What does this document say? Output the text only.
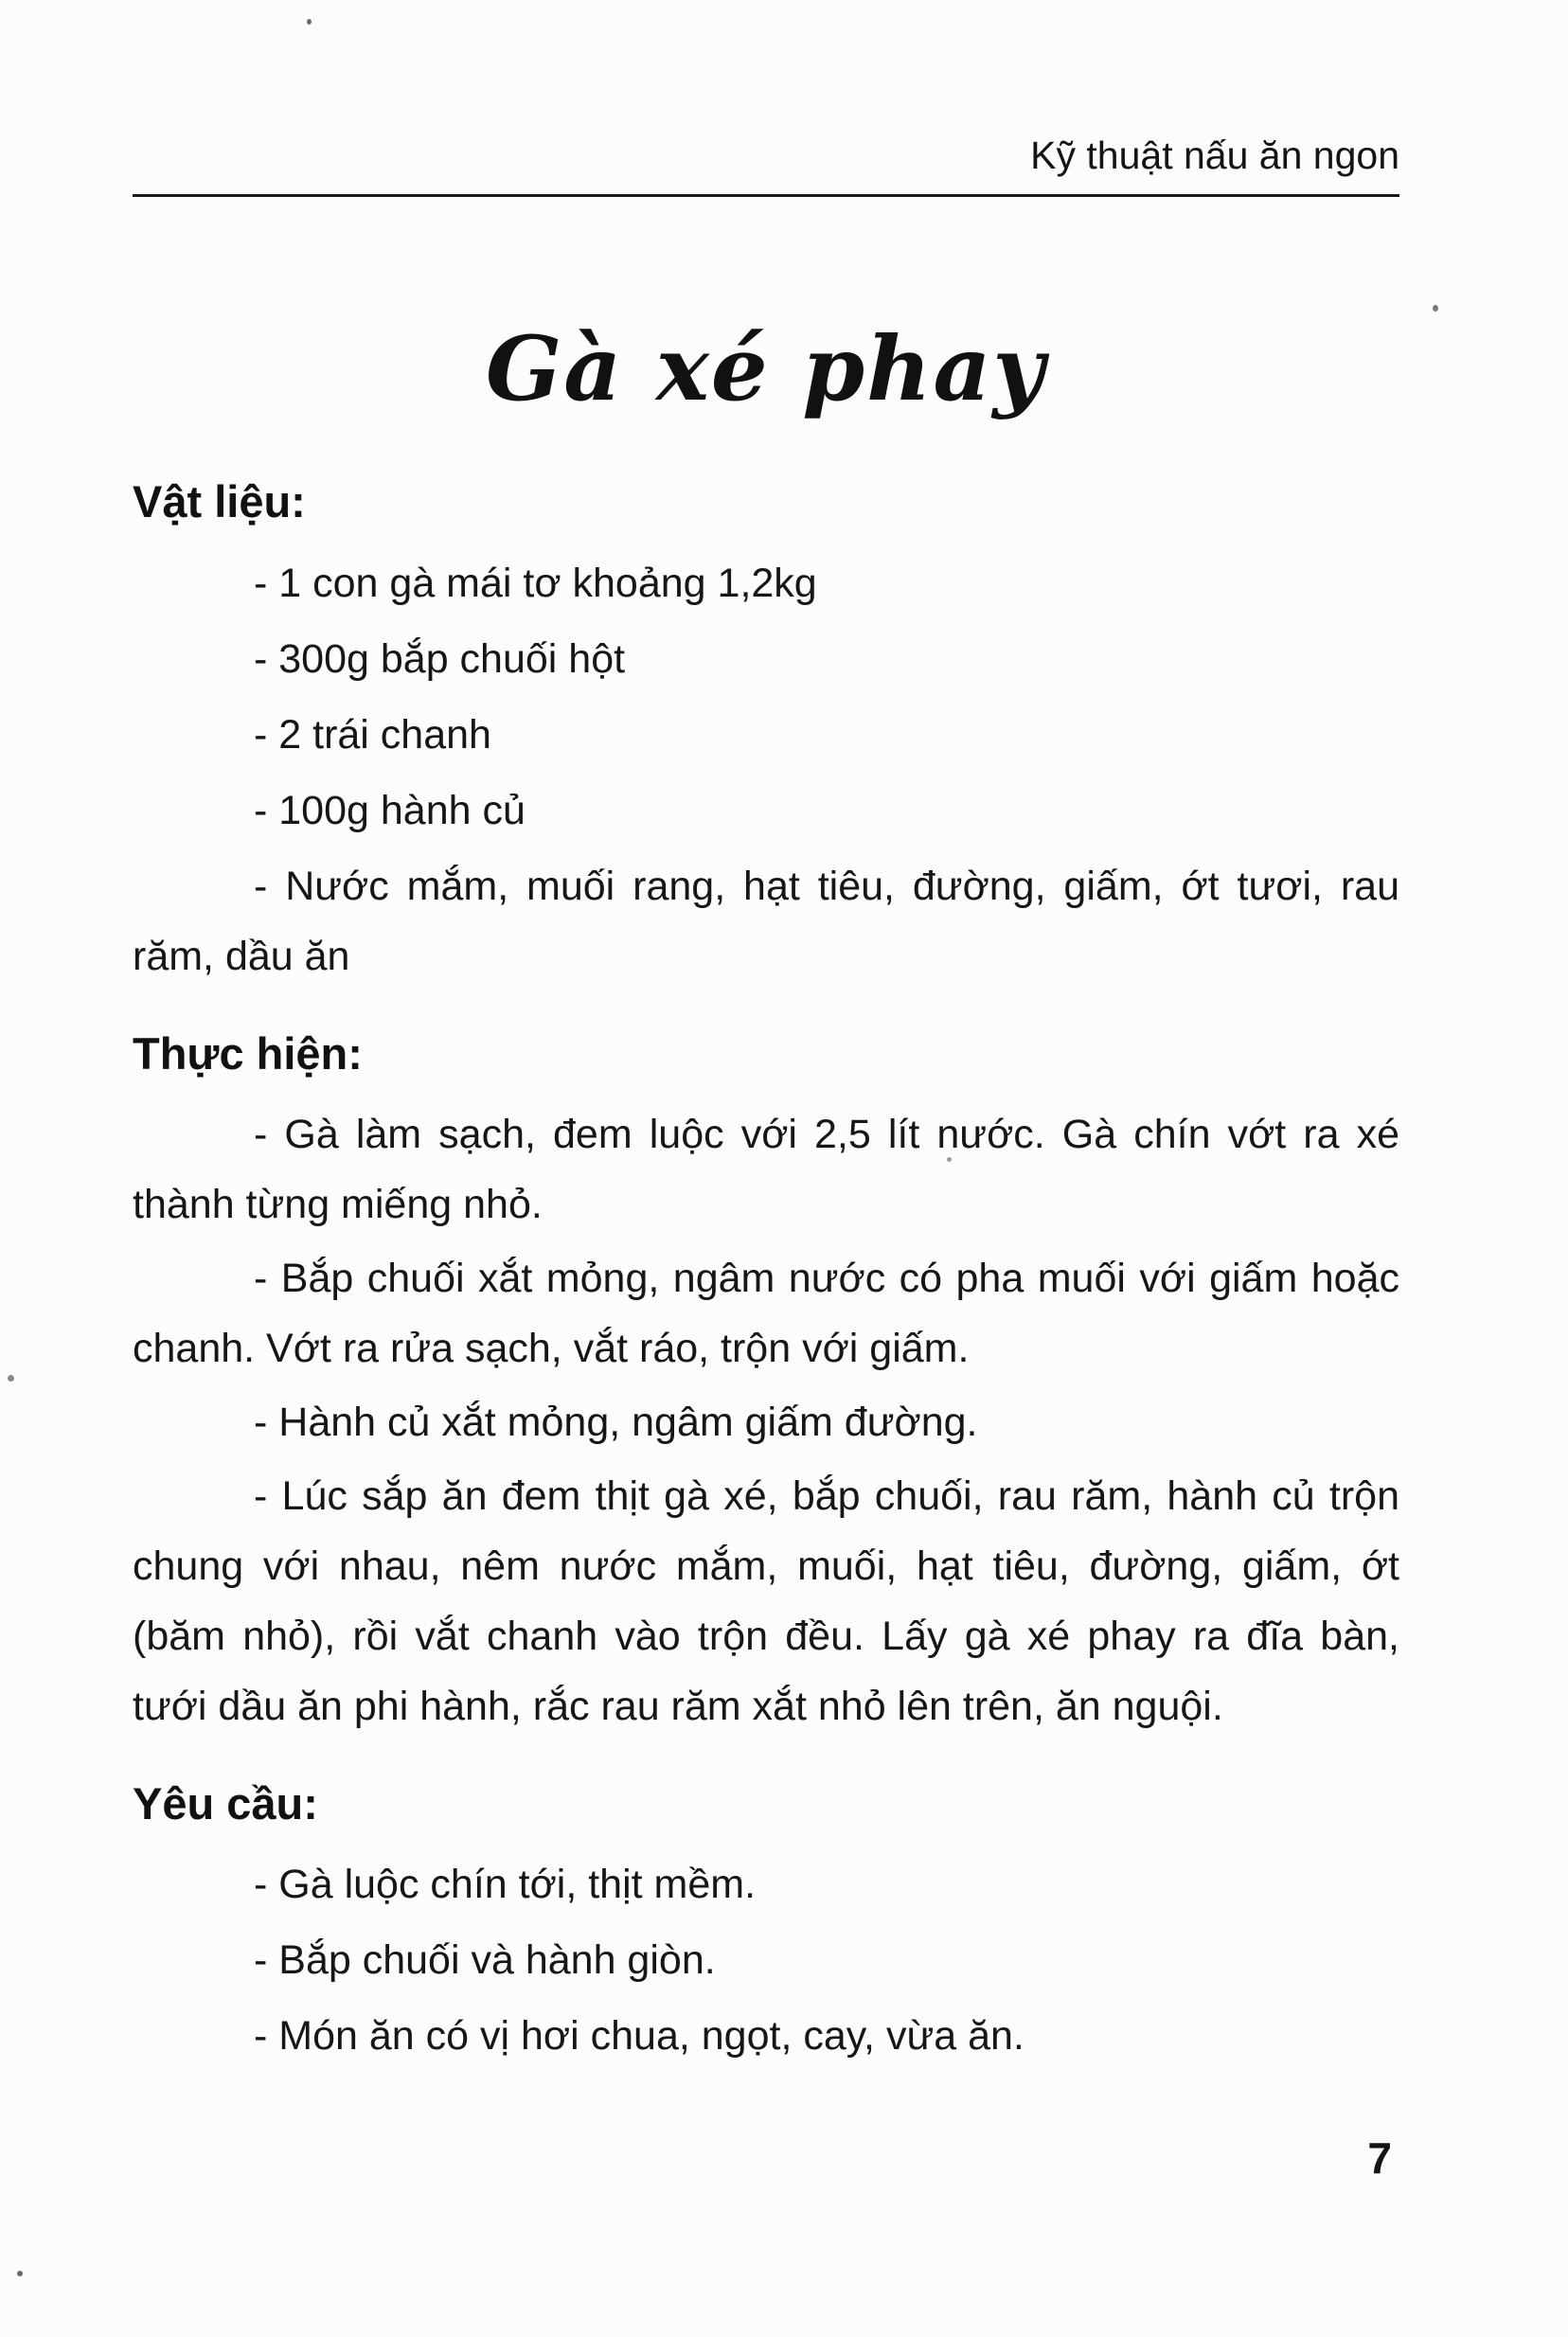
Kỹ thuật nấu ăn ngon
Gà xé phay
Vật liệu:

- 1 con gà mái tơ khoảng 1,2kg

- 300g bắp chuối hột

- 2 trái chanh

- 100g hành củ

- Nước mắm, muối rang, hạt tiêu, đường, giấm, ớt tươi, rau răm, dầu ăn

Thực hiện:

- Gà làm sạch, đem luộc với 2,5 lít nước. Gà chín vớt ra xé thành từng miếng nhỏ.

- Bắp chuối xắt mỏng, ngâm nước có pha muối với giấm hoặc chanh. Vớt ra rửa sạch, vắt ráo, trộn với giấm.

- Hành củ xắt mỏng, ngâm giấm đường.

- Lúc sắp ăn đem thịt gà xé, bắp chuối, rau răm, hành củ trộn chung với nhau, nêm nước mắm, muối, hạt tiêu, đường, giấm, ớt (băm nhỏ), rồi vắt chanh vào trộn đều. Lấy gà xé phay ra đĩa bàn, tưới dầu ăn phi hành, rắc rau răm xắt nhỏ lên trên, ăn nguội.

Yêu cầu:

- Gà luộc chín tới, thịt mềm.

- Bắp chuối và hành giòn.

- Món ăn có vị hơi chua, ngọt, cay, vừa ăn.

7
